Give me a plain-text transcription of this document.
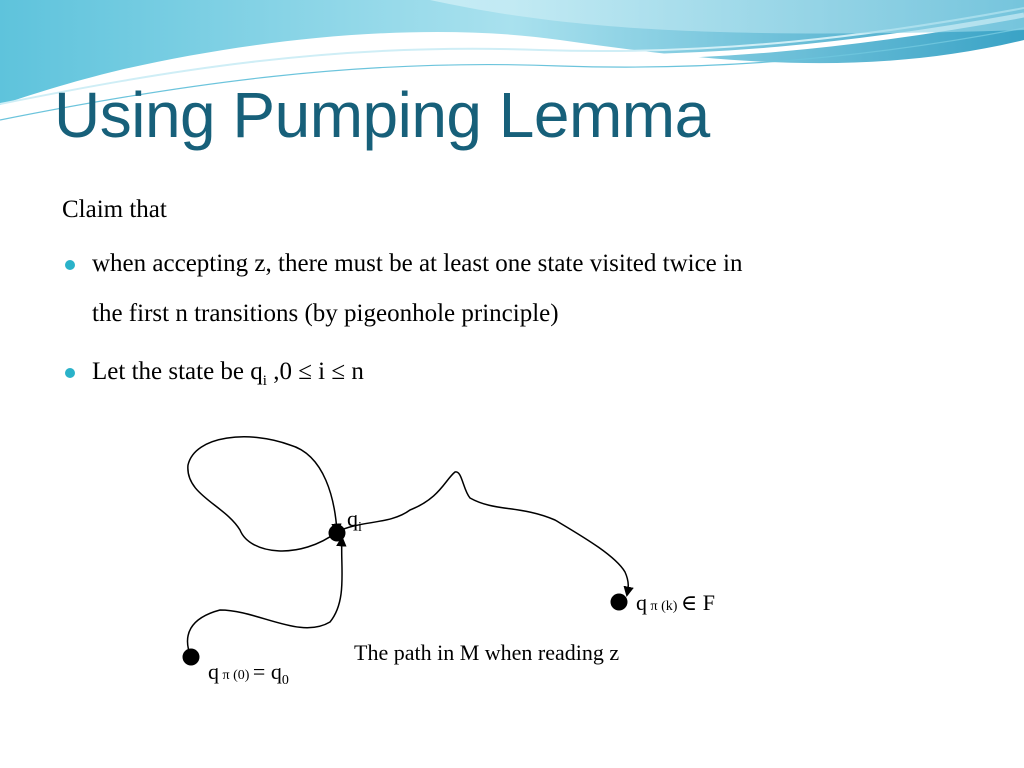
Using Pumping Lemma
Claim that
when accepting z, there must be at least one state visited twice in
the first n transitions (by pigeonhole principle)
Let the state be $q_i$ ,0 ≤ i ≤ n
$q_i$
q π $(0) = q_0$
q π (k) ∈ F
The path in M when reading z
